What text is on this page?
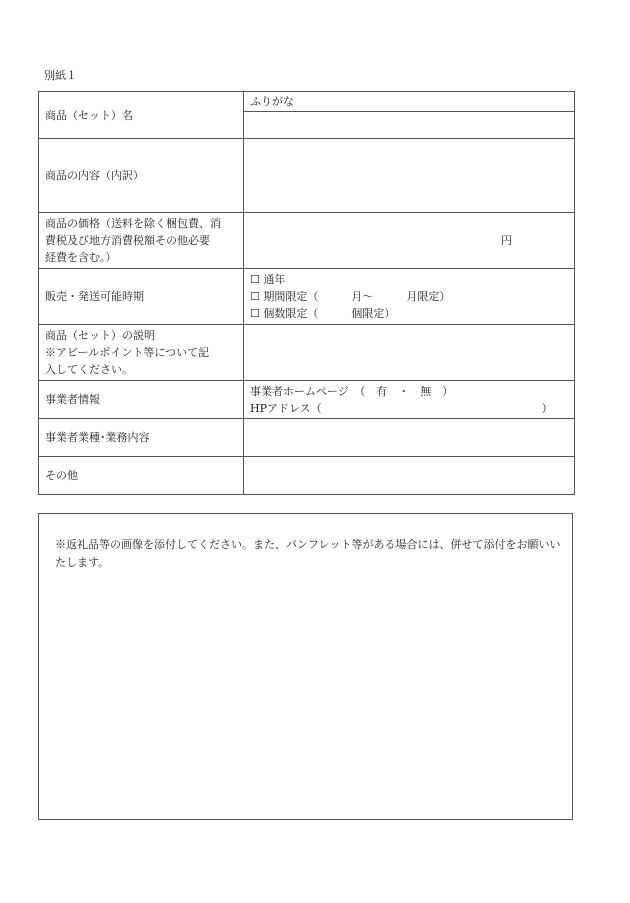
別紙１
商品（セット）名	ふりがな

商品の内容（内訳）	

商品の価格（送料を除く梱包費、消
費税及び地方消費税額その他必要
経費を含む。）	円
販売・発送可能時期	☐ 通年
☐ 期間限定（　　　月～　　　月限定）
☐ 個数限定（　　　個限定）

商品（セット）の説明
※アピールポイント等について記
入してください。	

事業者情報	事業者ホームページ　（　有　・　無　）
HPアドレス（　　　　　　　　　　　　　　　　　　　　）

事業者業種･業務内容	
その他	
※返礼品等の画像を添付してください。また、パンフレット等がある場合には、併せて添付をお願いいたします。
